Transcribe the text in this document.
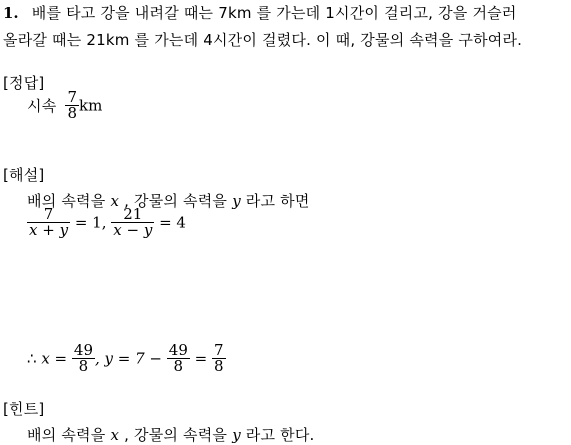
1. 배를 타고 강을 내려갈 때는 7km 를 가는데 1시간이 걸리고, 강을 거슬러
올라갈 때는 21km 를 가는데 4시간이 걸렸다. 이 때, 강물의 속력을 구하여라.
[정답]
시속 $\frac{7}{8}$ km
[해설]
배의 속력을 x , 강물의 속력을 y 라고 하면
$\frac{7}{x + y} = 1$, $\frac{21}{x - y} = 4$
∴ $x = \frac{49}{8}$ , $y = 7 - \frac{49}{8} = \frac{7}{8}$
[힌트]
배의 속력을 x , 강물의 속력을 y 라고 한다.
